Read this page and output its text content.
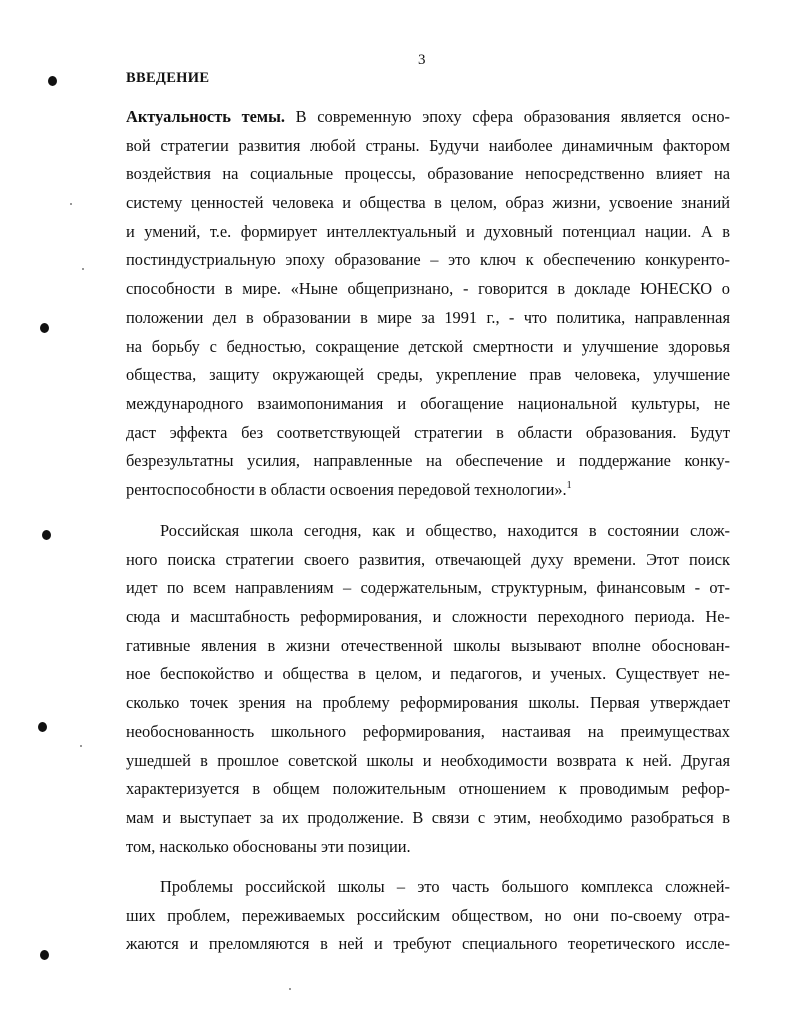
3
ВВЕДЕНИЕ
Актуальность темы. В современную эпоху сфера образования является осно-
вой стратегии развития любой страны. Будучи наиболее динамичным фактором
воздействия на социальные процессы, образование непосредственно влияет на
систему ценностей человека и общества в целом, образ жизни, усвоение знаний
и умений, т.е. формирует интеллектуальный и духовный потенциал нации. А в
постиндустриальную эпоху образование – это ключ к обеспечению конкуренто-
способности в мире. «Ныне общепризнано, - говорится в докладе ЮНЕСКО о
положении дел в образовании в мире за 1991 г., - что политика, направленная
на борьбу с бедностью, сокращение детской смертности и улучшение здоровья
общества, защиту окружающей среды, укрепление прав человека, улучшение
международного взаимопонимания и обогащение национальной культуры, не
даст эффекта без соответствующей стратегии в области образования. Будут
безрезультатны усилия, направленные на обеспечение и поддержание конку-
рентоспособности в области освоения передовой технологии».$^1$
Российская школа сегодня, как и общество, находится в состоянии слож-
ного поиска стратегии своего развития, отвечающей духу времени. Этот поиск
идет по всем направлениям – содержательным, структурным, финансовым - от-
сюда и масштабность реформирования, и сложности переходного периода. Не-
гативные явления в жизни отечественной школы вызывают вполне обоснован-
ное беспокойство и общества в целом, и педагогов, и ученых. Существует не-
сколько точек зрения на проблему реформирования школы. Первая утверждает
необоснованность школьного реформирования, настаивая на преимуществах
ушедшей в прошлое советской школы и необходимости возврата к ней. Другая
характеризуется в общем положительным отношением к проводимым рефор-
мам и выступает за их продолжение. В связи с этим, необходимо разобраться в
том, насколько обоснованы эти позиции.
Проблемы российской школы – это часть большого комплекса сложней-
ших проблем, переживаемых российским обществом, но они по-своему отра-
жаются и преломляются в ней и требуют специального теоретического иссле-
